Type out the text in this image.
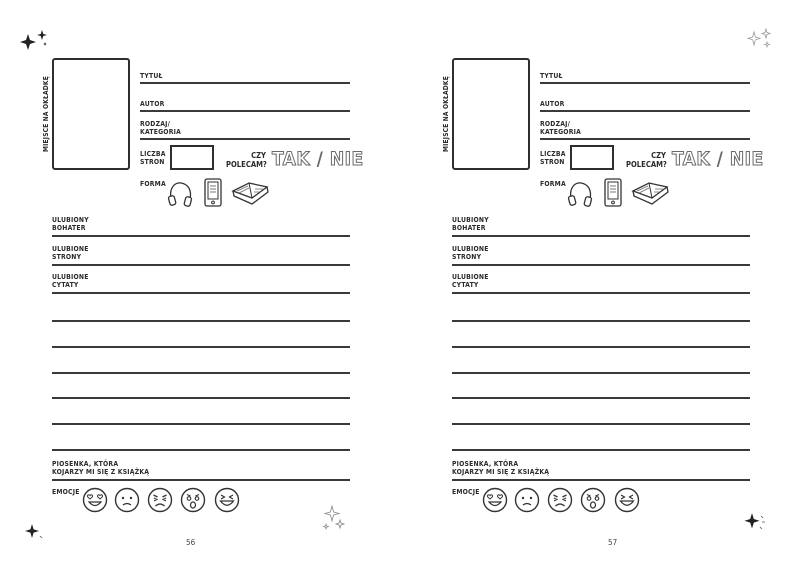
MIEJSCE NA OKŁADKĘ
TYTUŁ
AUTOR
RODZAJ/
KATEGORIA
LICZBA
STRON
CZY
POLECAM? TAK / NIE
FORMA
ULUBIONY
BOHATER
ULUBIONE
STRONY
ULUBIONE
CYTATY
PIOSENKA, KTÓRA
KOJARZY MI SIĘ Z KSIĄŻKĄ
EMOCJE
56
MIEJSCE NA OKŁADKĘ
TYTUŁ
AUTOR
RODZAJ/
KATEGORIA
LICZBA
STRON
CZY
POLECAM? TAK / NIE
FORMA
ULUBIONY
BOHATER
ULUBIONE
STRONY
ULUBIONE
CYTATY
PIOSENKA, KTÓRA
KOJARZY MI SIĘ Z KSIĄŻKĄ
EMOCJE
57
